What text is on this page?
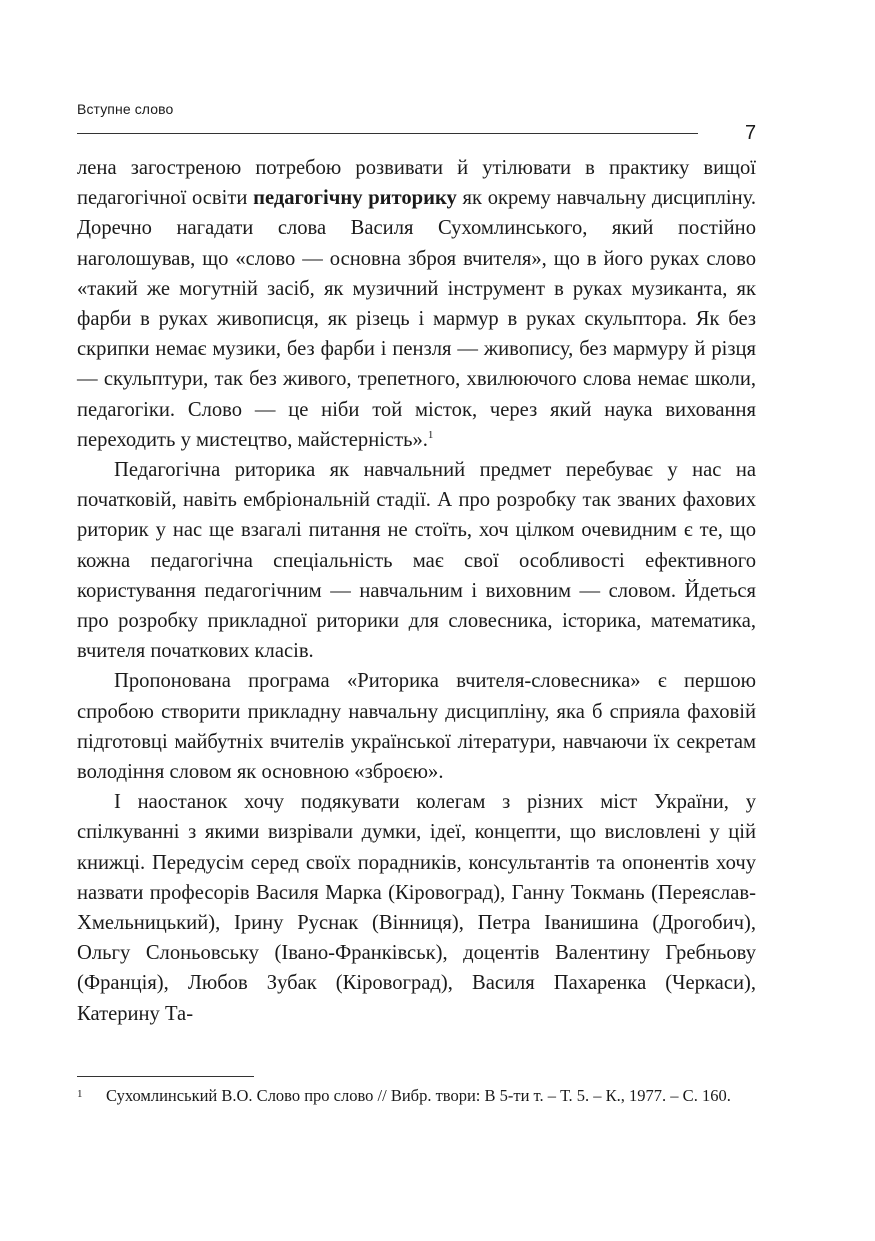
Вступне слово
7

лена загостреною потребою розвивати й утілювати в практику вищої педагогічної освіти педагогічну риторику як окрему навчальну дисципліну. Доречно нагадати слова Василя Сухомлинського, який постійно наголошував, що «слово — основна зброя вчителя», що в його руках слово «такий же могутній засіб, як музичний інструмент в руках музиканта, як фарби в руках живописця, як різець і мармур в руках скульптора. Як без скрипки немає музики, без фарби і пензля — живопису, без мармуру й різця — скульптури, так без живого, трепетного, хвилюючого слова немає школи, педагогіки. Слово — це ніби той місток, через який наука виховання переходить у мистецтво, майстерність».$^1$

Педагогічна риторика як навчальний предмет перебуває у нас на початковій, навіть ембріональній стадії. А про розробку так званих фахових риторик у нас ще взагалі питання не стоїть, хоч цілком очевидним є те, що кожна педагогічна спеціальність має свої особливості ефективного користування педагогічним — навчальним і виховним — словом. Йдеться про розробку прикладної риторики для словесника, історика, математика, вчителя початкових класів.

Пропонована програма «Риторика вчителя-словесника» є першою спробою створити прикладну навчальну дисципліну, яка б сприяла фаховій підготовці майбутніх вчителів української літератури, навчаючи їх секретам володіння словом як основною «зброєю».

І наостанок хочу подякувати колегам з різних міст України, у спілкуванні з якими визрівали думки, ідеї, концепти, що висловлені у цій книжці. Передусім серед своїх порадників, консультантів та опонентів хочу назвати професорів Василя Марка (Кіровоград), Ганну Токмань (Переяслав-Хмельницький), Ірину Руснак (Вінниця), Петра Іванишина (Дрогобич), Ольгу Слоньовську (Івано-Франківськ), доцентів Валентину Гребньову (Франція), Любов Зубак (Кіровоград), Василя Пахаренка (Черкаси), Катерину Та-

1	Сухомлинський В.О. Слово про слово // Вибр. твори: В 5-ти т. – Т. 5. – К., 1977. – С. 160.
